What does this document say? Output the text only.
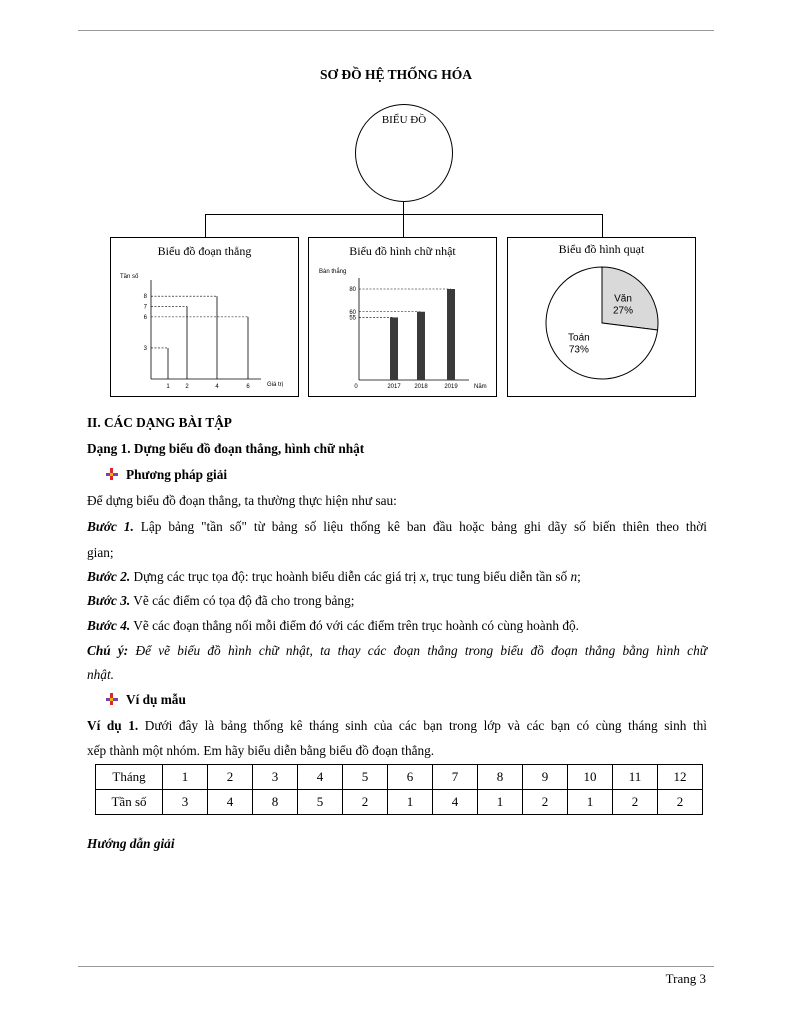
SƠ ĐỒ HỆ THỐNG HÓA
BIỂU ĐỒ
Biểu đồ đoạn thẳng
Tần số
Giá trị
8
7
6
3
1	2	4	6
Biểu đồ hình chữ nhật
Bàn thắng
Năm
0	2017 2018	2019
80
60
55
Biểu đồ hình quạt
Văn
27%
Toán
73%
II. CÁC DẠNG BÀI TẬP
Dạng 1. Dựng biểu đồ đoạn thẳng, hình chữ nhật
Phương pháp giải
Để dựng biểu đồ đoạn thẳng, ta thường thực hiện như sau:
Bước 1. Lập bảng "tần số" từ bảng số liệu thống kê ban đầu hoặc bảng ghi dãy số biến thiên theo thời
gian;
Bước 2. Dựng các trục tọa độ: trục hoành biểu diễn các giá trị x, trục tung biểu diễn tần số n;
Bước 3. Vẽ các điểm có tọa độ đã cho trong bảng;
Bước 4. Vẽ các đoạn thẳng nối mỗi điểm đó với các điểm trên trục hoành có cùng hoành độ.
Chú ý: Để vẽ biểu đồ hình chữ nhật, ta thay các đoạn thẳng trong biểu đồ đoạn thẳng bằng hình chữ
nhật.
Ví dụ mẫu
Ví dụ 1. Dưới đây là bảng thống kê tháng sinh của các bạn trong lớp và các bạn có cùng tháng sinh thì
xếp thành một nhóm. Em hãy biểu diễn bằng biểu đồ đoạn thẳng.
Tháng	1	2	3	4	5	6	7	8	9	10	11	12
Tần số	3	4	8	5	2	1	4	1	2	1	2	2
Hướng dẫn giải
Trang 3
